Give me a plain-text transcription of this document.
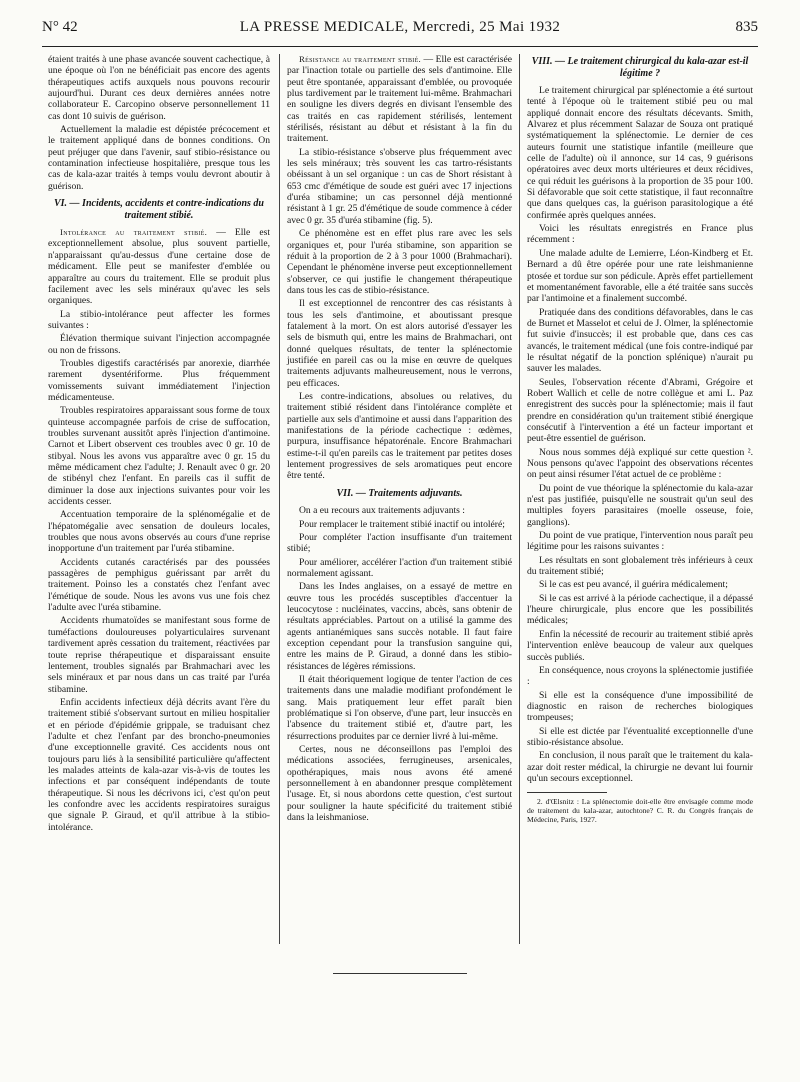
N° 42	LA PRESSE MEDICALE, Mercredi, 25 Mai 1932	835

étaient traités à une phase avancée souvent cachectique, à une époque où l'on ne bénéficiait pas encore des agents thérapeutiques actifs auxquels nous pouvons recourir aujourd'hui. Durant ces deux dernières années notre collaborateur E. Carcopino observe personnellement 11 cas dont 10 suivis de guérison.

Actuellement la maladie est dépistée précocement et le traitement appliqué dans de bonnes conditions. On peut préjuger que dans l'avenir, sauf stibio-résistance ou contamination infectieuse hospitalière, presque tous les cas de kala-azar traités à temps voulu devront aboutir à guérison.

VI. — Incidents, accidents et contre-indications du traitement stibié.

Intolérance au traitement stibié. — Elle est exceptionnellement absolue, plus souvent partielle, n'apparaissant qu'au-dessus d'une certaine dose de médicament. Elle peut se manifester d'emblée ou apparaître au cours du traitement. Elle se produit plus facilement avec les sels minéraux qu'avec les sels organiques.

La stibio-intolérance peut affecter les formes suivantes :

Élévation thermique suivant l'injection accompagnée ou non de frissons.

Troubles digestifs caractérisés par anorexie, diarrhée rarement dysentériforme. Plus fréquemment vomissements suivant immédiatement l'injection médicamenteuse.

Troubles respiratoires apparaissant sous forme de toux quinteuse accompagnée parfois de crise de suffocation, troubles survenant aussitôt après l'injection d'antimoine. Carnot et Libert observent ces troubles avec 0 gr. 10 de stibyal. Nous les avons vus apparaître avec 0 gr. 15 du même médicament chez l'adulte; J. Renault avec 0 gr. 20 de stibényl chez l'enfant. En pareils cas il suffit de diminuer la dose aux injections suivantes pour voir les accidents cesser.

Accentuation temporaire de la splénomégalie et de l'hépatomégalie avec sensation de douleurs locales, troubles que nous avons observés au cours d'une reprise inopportune d'un traitement par l'uréa stibamine.

Accidents cutanés caractérisés par des poussées passagères de pemphigus guérissant par arrêt du traitement. Poinso les a constatés chez l'enfant avec l'émétique de soude. Nous les avons vus une fois chez l'adulte avec l'uréa stibamine.

Accidents rhumatoïdes se manifestant sous forme de tuméfactions douloureuses polyarticulaires survenant tardivement après cessation du traitement, réactivées par toute reprise thérapeutique et disparaissant ensuite lentement, troubles signalés par Brahmachari avec les sels minéraux et par nous dans un cas traité par l'uréa stibamine.

Enfin accidents infectieux déjà décrits avant l'ère du traitement stibié s'observant surtout en milieu hospitalier et en période d'épidémie grippale, se traduisant chez l'adulte et chez l'enfant par des broncho-pneumonies d'une exceptionnelle gravité. Ces accidents nous ont toujours paru liés à la sensibilité particulière qu'affectent les malades atteints de kala-azar vis-à-vis de toutes les infections et par conséquent indépendants de toute thérapeutique. Si nous les décrivons ici, c'est qu'on peut les confondre avec les accidents respiratoires suraigus que signale P. Giraud, et qu'il attribue à la stibio-intolérance.

Résistance au traitement stibié. — Elle est caractérisée par l'inaction totale ou partielle des sels d'antimoine. Elle peut être spontanée, apparaissant d'emblée, ou provoquée plus tardivement par le traitement lui-même. Brahmachari en souligne les divers degrés en divisant l'ensemble des cas traités en cas rapidement stérilisés, lentement stérilisés, résistant au début et résistant à la fin du traitement.

La stibio-résistance s'observe plus fréquemment avec les sels minéraux; très souvent les cas tartro-résistants obéissant à un sel organique : un cas de Short résistant à 653 cmc d'émétique de soude est guéri avec 17 injections d'uréa stibamine; un cas personnel déjà mentionné résistant à 1 gr. 25 d'émétique de soude commence à céder avec 0 gr. 35 d'uréa stibamine (fig. 5).

Ce phénomène est en effet plus rare avec les sels organiques et, pour l'uréa stibamine, son apparition se réduit à la proportion de 2 à 3 pour 1000 (Brahmachari). Cependant le phénomène inverse peut exceptionnellement s'observer, ce qui justifie le changement thérapeutique dans tous les cas de stibio-résistance.

Il est exceptionnel de rencontrer des cas résistants à tous les sels d'antimoine, et aboutissant presque fatalement à la mort. On est alors autorisé d'essayer les sels de bismuth qui, entre les mains de Brahmachari, ont donné quelques résultats, de tenter la splénectomie justifiée en pareil cas ou la mise en œuvre de quelques traitements adjuvants malheureusement, nous le verrons, peu efficaces.

Les contre-indications, absolues ou relatives, du traitement stibié résident dans l'intolérance complète et partielle aux sels d'antimoine et aussi dans l'apparition des manifestations de la période cachectique : œdèmes, purpura, insuffisance hépatorénale. Encore Brahmachari estime-t-il qu'en pareils cas le traitement par petites doses lentement progressives de sels aromatiques peut encore être tenté.

VII. — Traitements adjuvants.

On a eu recours aux traitements adjuvants :

Pour remplacer le traitement stibié inactif ou intoléré;

Pour compléter l'action insuffisante d'un traitement stibié;

Pour améliorer, accélérer l'action d'un traitement stibié normalement agissant.

Dans les Indes anglaises, on a essayé de mettre en œuvre tous les procédés susceptibles d'accentuer la leucocytose : nucléinates, vaccins, abcès, sans obtenir de résultats appréciables. Partout on a utilisé la gamme des agents antianémiques sans succès notable. Il faut faire exception cependant pour la transfusion sanguine qui, entre les mains de P. Giraud, a donné dans les stibio-résistances de légères rémissions.

Il était théoriquement logique de tenter l'action de ces traitements dans une maladie modifiant profondément le sang. Mais pratiquement leur effet paraît bien problématique si l'on observe, d'une part, leur insuccès en l'absence du traitement stibié et, d'autre part, les résurrections produites par ce dernier livré à lui-même.

Certes, nous ne déconseillons pas l'emploi des médications associées, ferrugineuses, arsenicales, opothérapiques, mais nous avons été amené personnellement à en abandonner presque complètement l'usage. Et, si nous abordons cette question, c'est surtout pour souligner la haute spécificité du traitement stibié dans la leishmaniose.

VIII. — Le traitement chirurgical du kala-azar est-il légitime ?

Le traitement chirurgical par splénectomie a été surtout tenté à l'époque où le traitement stibié peu ou mal appliqué donnait encore des résultats décevants. Smith, Alvarez et plus récemment Salazar de Souza ont pratiqué systématiquement la splénectomie. Le dernier de ces auteurs fournit une statistique infantile (meilleure que celle de l'adulte) où il annonce, sur 14 cas, 9 guérisons opératoires avec deux morts ultérieures et deux récidives, ce qui réduit les guérisons à la proportion de 35 pour 100. Si défavorable que soit cette statistique, il faut reconnaître que dans quelques cas, la guérison parasitologique a été confirmée après quelques années.

Voici les résultats enregistrés en France plus récemment :

Une malade adulte de Lemierre, Léon-Kindberg et Et. Bernard a dû être opérée pour une rate leishmanienne ptosée et tordue sur son pédicule. Après effet partiellement et momentanément favorable, elle a été traitée sans succès par l'antimoine et a finalement succombé.

Pratiquée dans des conditions défavorables, dans le cas de Burnet et Masselot et celui de J. Olmer, la splénectomie fut suivie d'insuccès; il est probable que, dans ces cas avancés, le traitement médical (une fois contre-indiqué par le résultat négatif de la ponction splénique) n'aurait pu sauver les malades.

Seules, l'observation récente d'Abrami, Grégoire et Robert Wallich et celle de notre collègue et ami L. Paz enregistrent des succès pour la splénectomie; mais il faut prendre en considération qu'un traitement stibié énergique consécutif à l'intervention a été un facteur important et peut-être essentiel de guérison.

Nous nous sommes déjà expliqué sur cette question ². Nous pensons qu'avec l'appoint des observations récentes on peut ainsi résumer l'état actuel de ce problème :

Du point de vue théorique la splénectomie du kala-azar n'est pas justifiée, puisqu'elle ne soustrait qu'un seul des multiples foyers parasitaires (moelle osseuse, foie, ganglions).

Du point de vue pratique, l'intervention nous paraît peu légitime pour les raisons suivantes :

Les résultats en sont globalement très inférieurs à ceux du traitement stibié;

Si le cas est peu avancé, il guérira médicalement;

Si le cas est arrivé à la période cachectique, il a dépassé l'heure chirurgicale, plus encore que les possibilités médicales;

Enfin la nécessité de recourir au traitement stibié après l'intervention enlève beaucoup de valeur aux quelques succès publiés.

En conséquence, nous croyons la splénectomie justifiée :

Si elle est la conséquence d'une impossibilité de diagnostic en raison de recherches biologiques trompeuses;

Si elle est dictée par l'éventualité exceptionnelle d'une stibio-résistance absolue.

En conclusion, il nous paraît que le traitement du kala-azar doit rester médical, la chirurgie ne devant lui fournir qu'un secours exceptionnel.

2. d'Œlsnitz : La splénectomie doit-elle être envisagée comme mode de traitement du kala-azar, autochtone? C. R. du Congrès français de Médecine, Paris, 1927.
